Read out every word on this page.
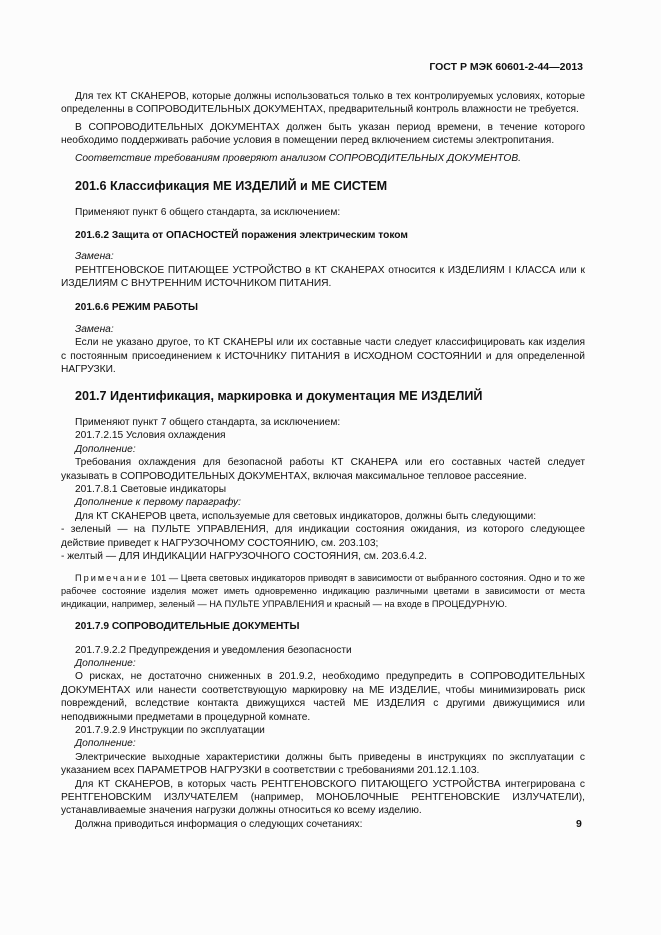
ГОСТ Р МЭК 60601-2-44—2013

Для тех КТ СКАНЕРОВ, которые должны использоваться только в тех контролируемых условиях, которые определенны в СОПРОВОДИТЕЛЬНЫХ ДОКУМЕНТАХ, предварительный контроль влажности не требуется.

В СОПРОВОДИТЕЛЬНЫХ ДОКУМЕНТАХ должен быть указан период времени, в течение которого необходимо поддерживать рабочие условия в помещении перед включением системы электропитания.

Соответствие требованиям проверяют анализом СОПРОВОДИТЕЛЬНЫХ ДОКУМЕНТОВ.

201.6 Классификация МЕ ИЗДЕЛИЙ и МЕ СИСТЕМ

Применяют пункт 6 общего стандарта, за исключением:

201.6.2 Защита от ОПАСНОСТЕЙ поражения электрическим током

Замена:

РЕНТГЕНОВСКОЕ ПИТАЮЩЕЕ УСТРОЙСТВО в КТ СКАНЕРАХ относится к ИЗДЕЛИЯМ I КЛАССА или к ИЗДЕЛИЯМ С ВНУТРЕННИМ ИСТОЧНИКОМ ПИТАНИЯ.

201.6.6 РЕЖИМ РАБОТЫ

Замена:

Если не указано другое, то КТ СКАНЕРЫ или их составные части следует классифицировать как изделия с постоянным присоединением к ИСТОЧНИКУ ПИТАНИЯ в ИСХОДНОМ СОСТОЯНИИ и для определенной НАГРУЗКИ.

201.7 Идентификация, маркировка и документация МЕ ИЗДЕЛИЙ

Применяют пункт 7 общего стандарта, за исключением:

201.7.2.15 Условия охлаждения

Дополнение:

Требования охлаждения для безопасной работы КТ СКАНЕРА или его составных частей следует указывать в СОПРОВОДИТЕЛЬНЫХ ДОКУМЕНТАХ, включая максимальное тепловое рассеяние.

201.7.8.1 Световые индикаторы

Дополнение к первому параграфу:

Для КТ СКАНЕРОВ цвета, используемые для световых индикаторов, должны быть следующими:

- зеленый — на ПУЛЬТЕ УПРАВЛЕНИЯ, для индикации состояния ожидания, из которого следующее действие приведет к НАГРУЗОЧНОМУ СОСТОЯНИЮ, см. 203.103;

- желтый — ДЛЯ ИНДИКАЦИИ НАГРУЗОЧНОГО СОСТОЯНИЯ, см. 203.6.4.2.

Примечание 101 — Цвета световых индикаторов приводят в зависимости от выбранного состояния. Одно и то же рабочее состояние изделия может иметь одновременно индикацию различными цветами в зависимости от места индикации, например, зеленый — НА ПУЛЬТЕ УПРАВЛЕНИЯ и красный — на входе в ПРОЦЕДУРНУЮ.

201.7.9 СОПРОВОДИТЕЛЬНЫЕ ДОКУМЕНТЫ

201.7.9.2.2 Предупреждения и уведомления безопасности

Дополнение:

О рисках, не достаточно сниженных в 201.9.2, необходимо предупредить в СОПРОВОДИТЕЛЬНЫХ ДОКУМЕНТАХ или нанести соответствующую маркировку на МЕ ИЗДЕЛИЕ, чтобы минимизировать риск повреждений, вследствие контакта движущихся частей МЕ ИЗДЕЛИЯ с другими движущимися или неподвижными предметами в процедурной комнате.

201.7.9.2.9 Инструкции по эксплуатации

Дополнение:

Электрические выходные характеристики должны быть приведены в инструкциях по эксплуатации с указанием всех ПАРАМЕТРОВ НАГРУЗКИ в соответствии с требованиями 201.12.1.103.

Для КТ СКАНЕРОВ, в которых часть РЕНТГЕНОВСКОГО ПИТАЮЩЕГО УСТРОЙСТВА интегрирована с РЕНТГЕНОВСКИМ ИЗЛУЧАТЕЛЕМ (например, МОНОБЛОЧНЫЕ РЕНТГЕНОВСКИЕ ИЗЛУЧАТЕЛИ), устанавливаемые значения нагрузки должны относиться ко всему изделию.

Должна приводиться информация о следующих сочетаниях:	9
